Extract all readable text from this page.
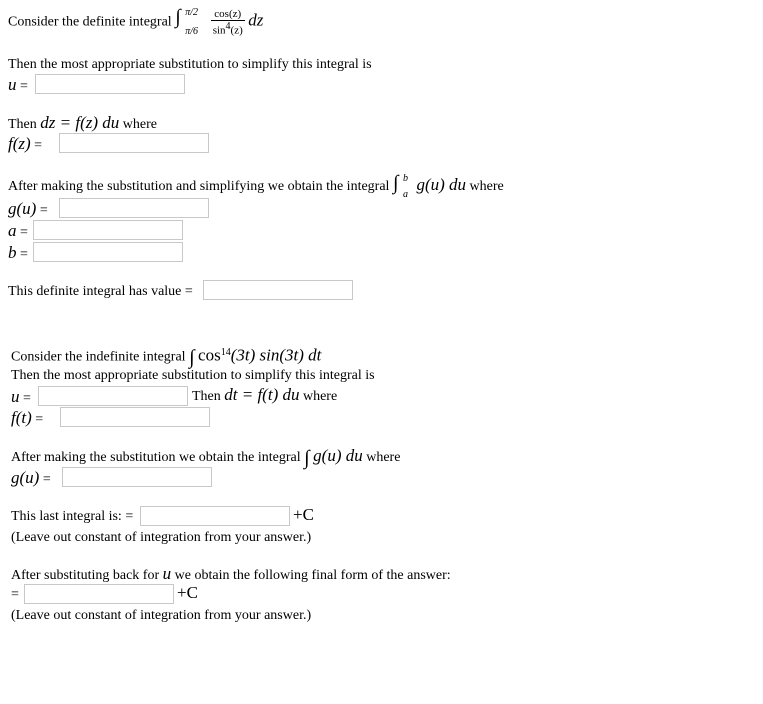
Consider the definite integral ∫ π/2
π/6
$\frac{\cos(z)}{\sin^4(z)}$ dz
Then the most appropriate substitution to simplify this integral is
u =
Then dz = f(z) du where
f(z) =
After making the substitution and simplifying we obtain the integral ∫ b
a
g(u) du where
g(u) =
a =
b =
This definite integral has value =
Consider the indefinite integral ∫ $\cos^{14}(3t)$ sin(3t) dt
Then the most appropriate substitution to simplify this integral is
u =	Then dt = f(t) du where
f(t) =
After making the substitution we obtain the integral ∫ g(u) du where
g(u) =
This last integral is: =	+C
(Leave out constant of integration from your answer.)
After substituting back for u we obtain the following final form of the answer:
=	+C
(Leave out constant of integration from your answer.)
